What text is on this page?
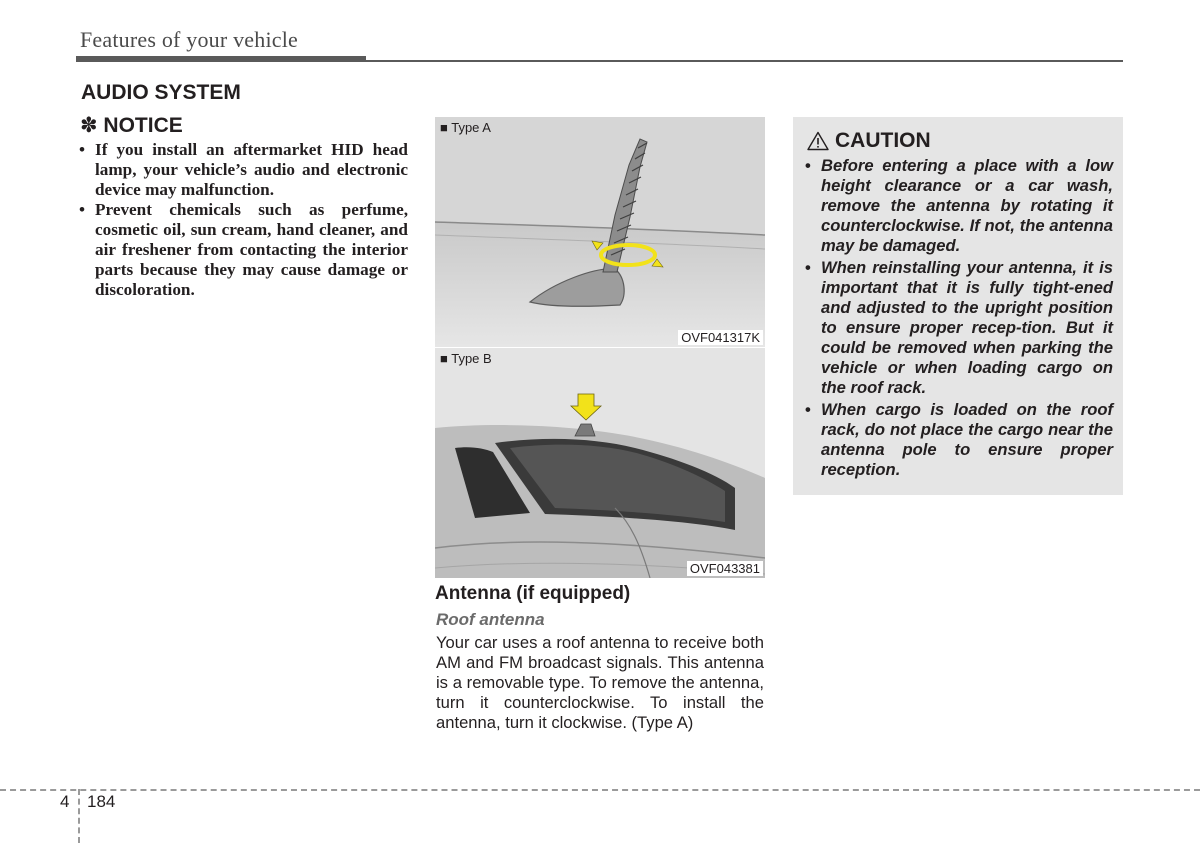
Features of your vehicle
AUDIO SYSTEM
✽ NOTICE
• If you install an aftermarket HID head lamp, your vehicle’s audio and electronic device may malfunction.
• Prevent chemicals such as perfume, cosmetic oil, sun cream, hand cleaner, and air freshener from contacting the interior parts because they may cause damage or discoloration.
■ Type A
OVF041317K
■ Type B
OVF043381
Antenna (if equipped)
Roof antenna

Your car uses a roof antenna to receive both AM and FM broadcast signals. This antenna is a removable type. To remove the antenna, turn it counterclockwise. To install the antenna, turn it clockwise. (Type A)

CAUTION
• Before entering a place with a low height clearance or a car wash, remove the antenna by rotating it counterclockwise. If not, the antenna may be damaged.
• When reinstalling your antenna, it is important that it is fully tight-ened and adjusted to the upright position to ensure proper recep-tion. But it could be removed when parking the vehicle or when loading cargo on the roof rack.
• When cargo is loaded on the roof rack, do not place the cargo near the antenna pole to ensure proper reception.
4 184
